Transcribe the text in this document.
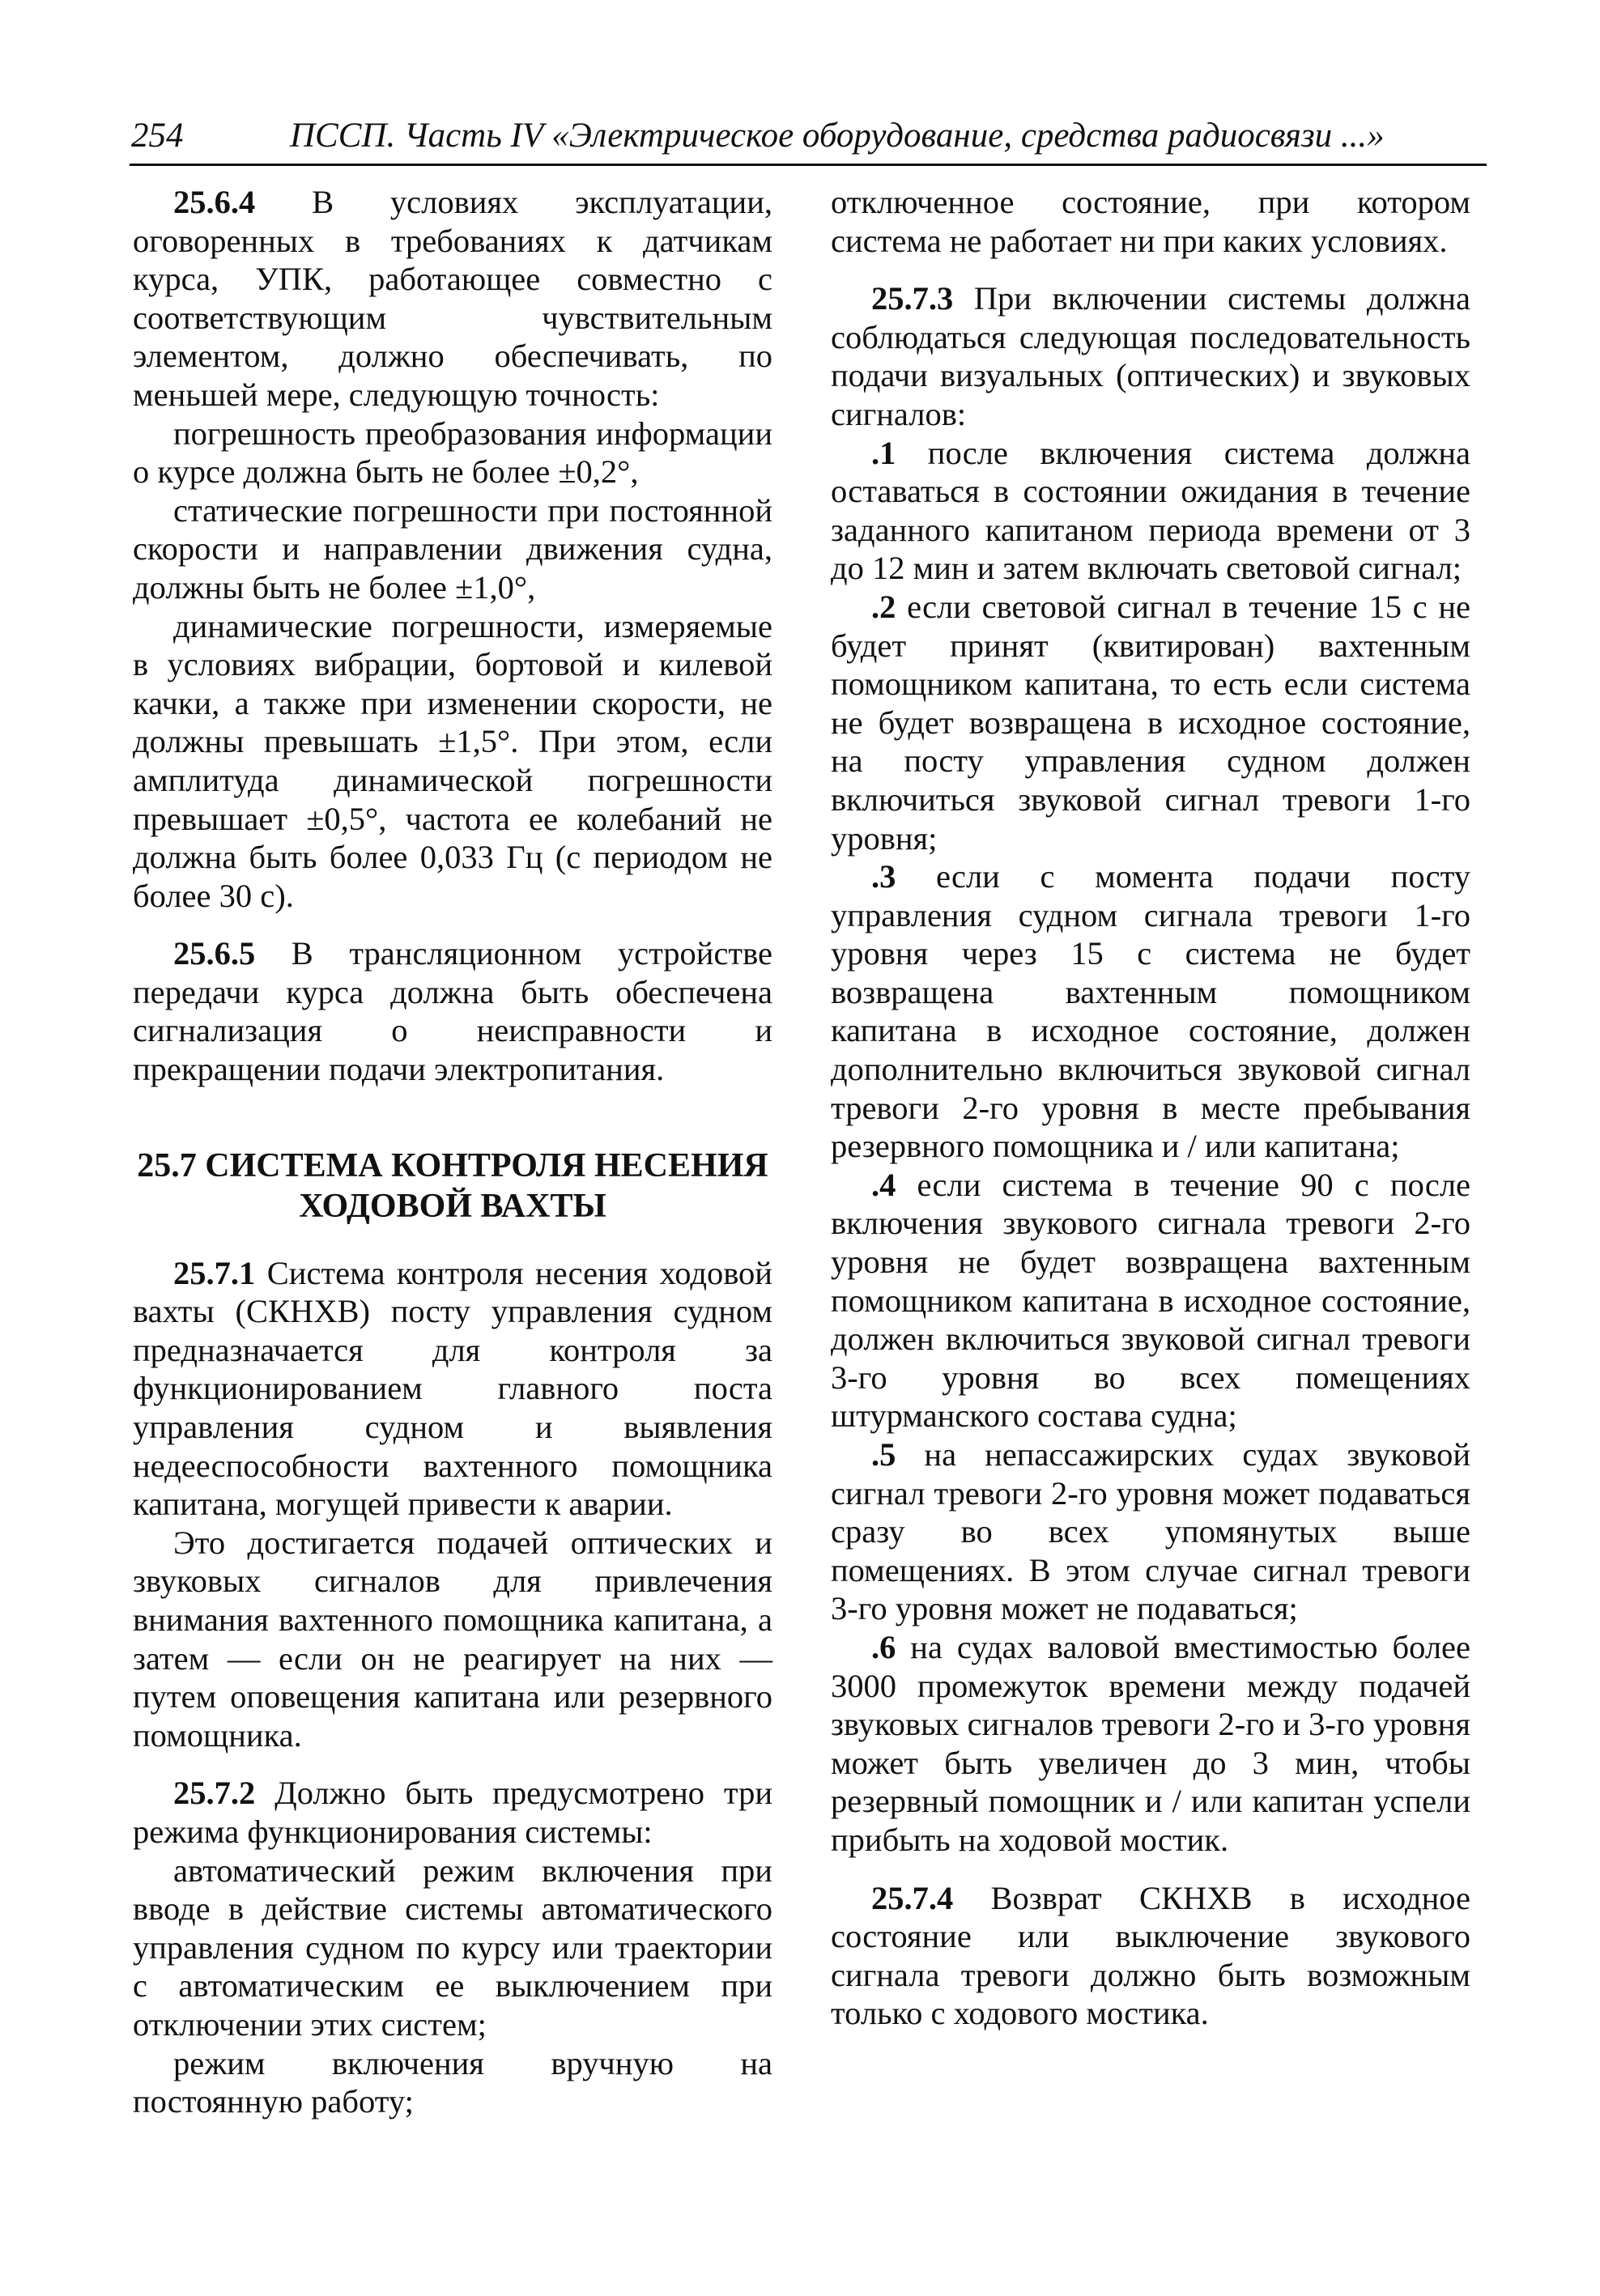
254	ПССП. Часть IV «Электрическое оборудование, средства радиосвязи ...»

25.6.4 В условиях эксплуатации, оговоренных в требованиях к датчикам курса, УПК, работающее совместно с соответствующим чувствительным элементом, должно обеспечивать, по меньшей мере, следующую точность:

погрешность преобразования информации о курсе должна быть не более ±0,2°,

статические погрешности при постоянной скорости и направлении движения судна, должны быть не более ±1,0°,

динамические погрешности, измеряемые в условиях вибрации, бортовой и килевой качки, а также при изменении скорости, не должны превышать ±1,5°. При этом, если амплитуда динамической погрешности превышает ±0,5°, частота ее колебаний не должна быть более 0,033 Гц (с периодом не более 30 с).

25.6.5 В трансляционном устройстве передачи курса должна быть обеспечена сигнализация о неисправности и прекращении подачи электропитания.

25.7 СИСТЕМА КОНТРОЛЯ НЕСЕНИЯ
ХОДОВОЙ ВАХТЫ

25.7.1 Система контроля несения ходовой вахты (СКНХВ) посту управления судном предназначается для контроля за функционированием главного поста управления судном и выявления недееспособности вахтенного помощника капитана, могущей привести к аварии.

Это достигается подачей оптических и звуковых сигналов для привлечения внимания вахтенного помощника капитана, а затем — если он не реагирует на них — путем оповещения капитана или резервного помощника.

25.7.2 Должно быть предусмотрено три режима функционирования системы:

автоматический режим включения при вводе в действие системы автоматического управления судном по курсу или траектории с автоматическим ее выключением при отключении этих систем;

режим включения вручную на постоянную работу;

отключенное состояние, при котором система не работает ни при каких условиях.

25.7.3 При включении системы должна соблюдаться следующая последовательность подачи визуальных (оптических) и звуковых сигналов:

.1 после включения система должна оставаться в состоянии ожидания в течение заданного капитаном периода времени от 3 до 12 мин и затем включать световой сигнал;

.2 если световой сигнал в течение 15 с не будет принят (квитирован) вахтенным помощником капитана, то есть если система не будет возвращена в исходное состояние, на посту управления судном должен включиться звуковой сигнал тревоги 1-го уровня;

.3 если с момента подачи посту управления судном сигнала тревоги 1-го уровня через 15 с система не будет возвращена вахтенным помощником капитана в исходное состояние, должен дополнительно включиться звуковой сигнал тревоги 2-го уровня в месте пребывания резервного помощника и / или капитана;

.4 если система в течение 90 с после включения звукового сигнала тревоги 2-го уровня не будет возвращена вахтенным помощником капитана в исходное состояние, должен включиться звуковой сигнал тревоги 3-го уровня во всех помещениях штурманского состава судна;

.5 на непассажирских судах звуковой сигнал тревоги 2-го уровня может подаваться сразу во всех упомянутых выше помещениях. В этом случае сигнал тревоги 3-го уровня может не подаваться;

.6 на судах валовой вместимостью более 3000 промежуток времени между подачей звуковых сигналов тревоги 2-го и 3-го уровня может быть увеличен до 3 мин, чтобы резервный помощник и / или капитан успели прибыть на ходовой мостик.

25.7.4 Возврат СКНХВ в исходное состояние или выключение звукового сигнала тревоги должно быть возможным только с ходового мостика.
